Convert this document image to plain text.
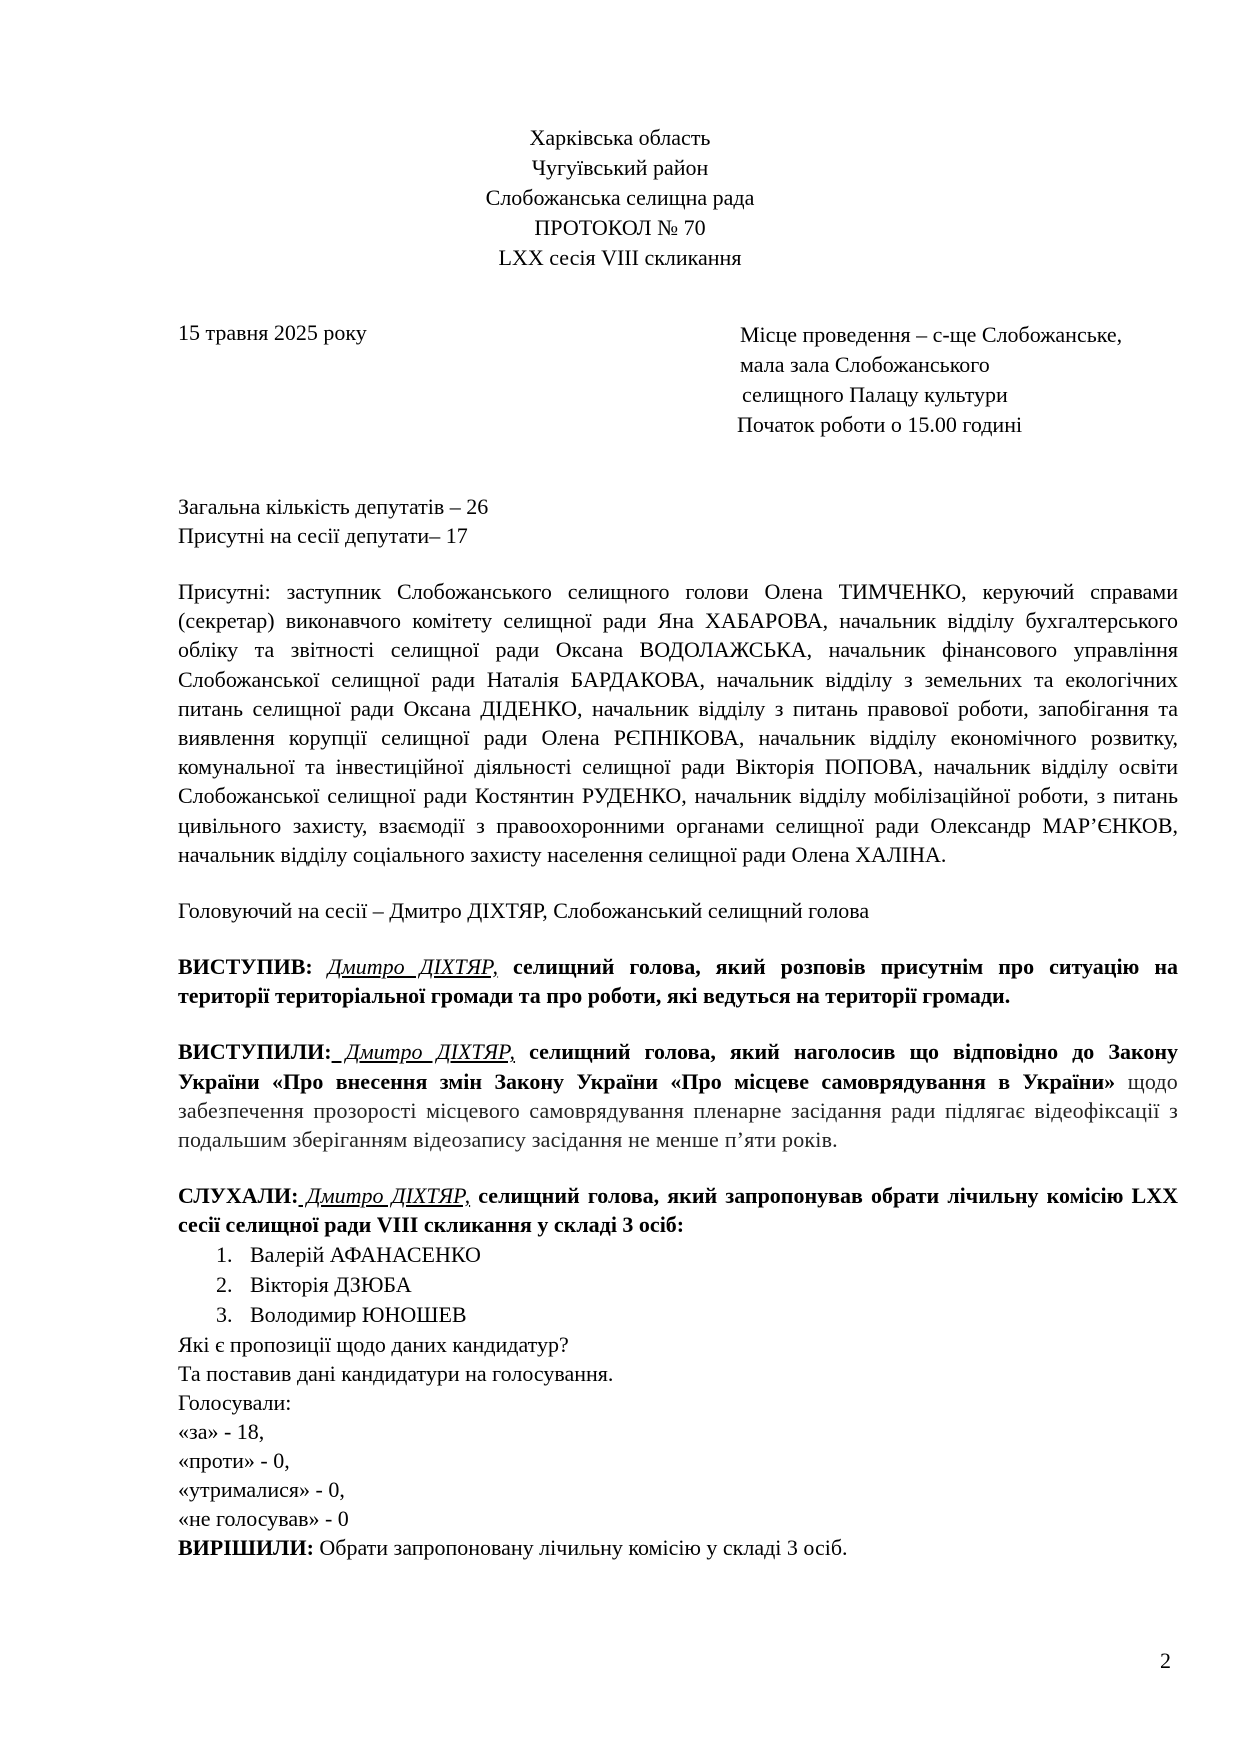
Харківська область
Чугуївський район
Слобожанська селищна рада
ПРОТОКОЛ № 70
LXX сесія VIII скликання
15 травня 2025 року	Місце проведення – с-ще Слобожанське,
мала зала Слобожанського
селищного Палацу культури
Початок роботи о 15.00 годині
Загальна кількість депутатів – 26
Присутні на сесії депутати– 17

Присутні: заступник Слобожанського селищного голови Олена ТИМЧЕНКО, керуючий справами (секретар) виконавчого комітету селищної ради Яна ХАБАРОВА, начальник відділу бухгалтерського обліку та звітності селищної ради Оксана ВОДОЛАЖСЬКА, начальник фінансового управління Слобожанської селищної ради Наталія БАРДАКОВА, начальник відділу з земельних та екологічних питань селищної ради Оксана ДІДЕНКО, начальник відділу з питань правової роботи, запобігання та виявлення корупції селищної ради Олена РЄПНІКОВА, начальник відділу економічного розвитку, комунальної та інвестиційної діяльності селищної ради Вікторія ПОПОВА, начальник відділу освіти Слобожанської селищної ради Костянтин РУДЕНКО, начальник відділу мобілізаційної роботи, з питань цивільного захисту, взаємодії з правоохоронними органами селищної ради Олександр МАР’ЄНКОВ, начальник відділу соціального захисту населення селищної ради Олена ХАЛІНА.

Головуючий на сесії – Дмитро ДІХТЯР, Слобожанський селищний голова

ВИСТУПИВ: Дмитро ДІХТЯР, селищний голова, який розповів присутнім про ситуацію на території територіальної громади та про роботи, які ведуться на території громади.

ВИСТУПИЛИ: Дмитро ДІХТЯР, селищний голова, який наголосив що відповідно до Закону України «Про внесення змін Закону України «Про місцеве самоврядування в України» щодо забезпечення прозорості місцевого самоврядування пленарне засідання ради підлягає відеофіксації з подальшим зберіганням відеозапису засідання не менше п’яти років.

СЛУХАЛИ: Дмитро ДІХТЯР, селищний голова, який запропонував обрати лічильну комісію LXX сесії селищної ради VIII скликання у складі 3 осіб:

1. Валерій АФАНАСЕНКО
2. Вікторія ДЗЮБА
3. Володимир ЮНОШЕВ
Які є пропозиції щодо даних кандидатур?
Та поставив дані кандидатури на голосування.
Голосували:
«за» - 18,
«проти» - 0,
«утрималися» - 0,
«не голосував» - 0
ВИРІШИЛИ: Обрати запропоновану лічильну комісію у складі 3 осіб.
2
